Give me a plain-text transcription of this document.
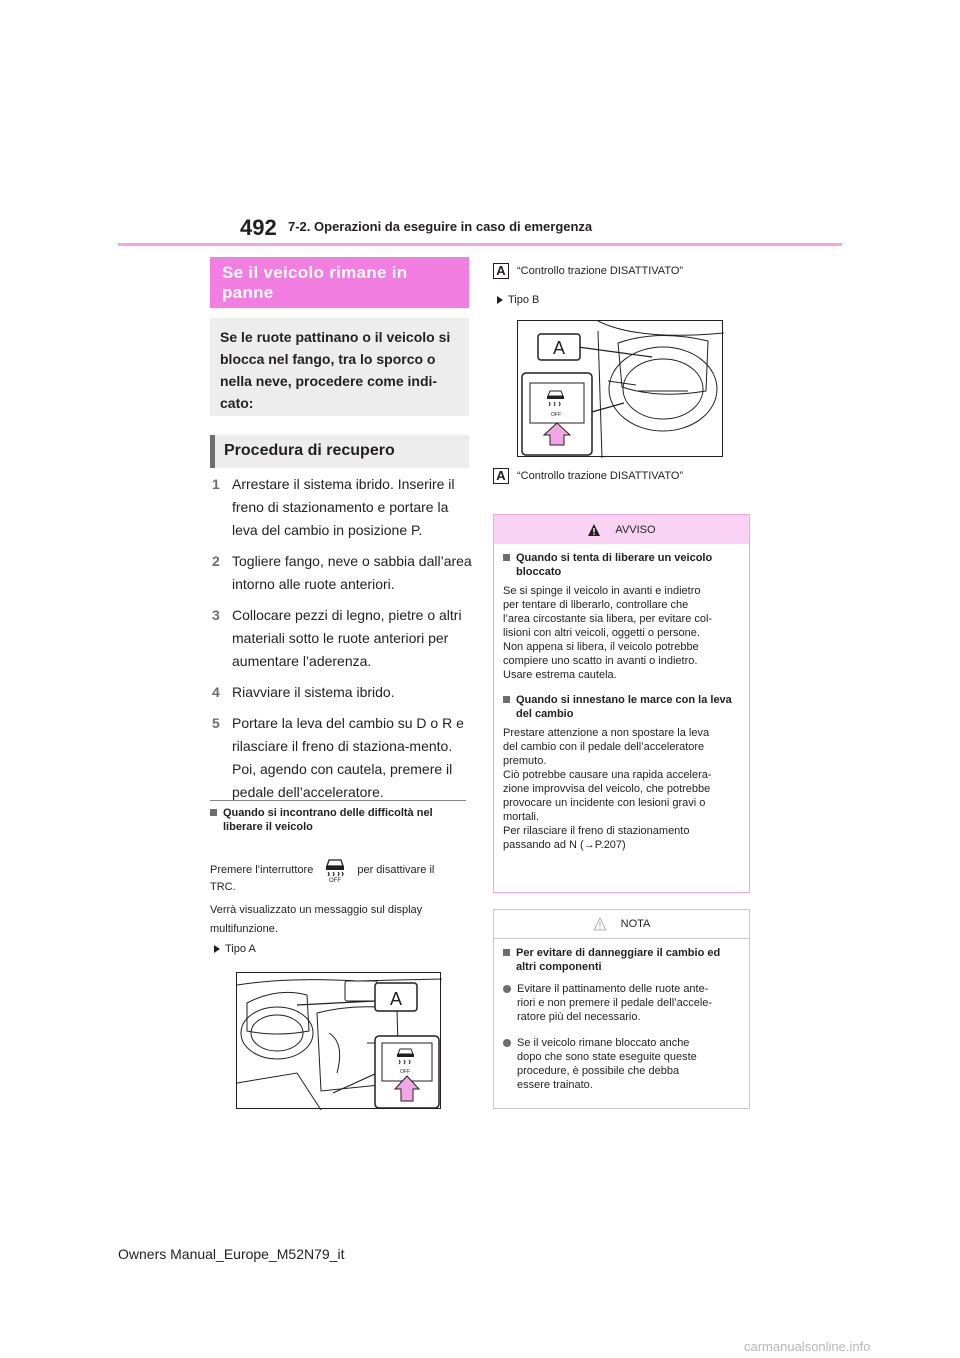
492 7-2. Operazioni da eseguire in caso di emergenza
Se il veicolo rimane in panne
Se le ruote pattinano o il veicolo si blocca nel fango, tra lo sporco o nella neve, procedere come indi-cato:
Procedura di recupero
1 Arrestare il sistema ibrido. Inserire il freno di stazionamento e portare la leva del cambio in posizione P.
2 Togliere fango, neve o sabbia dall’area intorno alle ruote anteriori.
3 Collocare pezzi di legno, pietre o altri materiali sotto le ruote anteriori per aumentare l’aderenza.
4 Riavviare il sistema ibrido.
5 Portare la leva del cambio su D o R e rilasciare il freno di staziona-mento. Poi, agendo con cautela, premere il pedale dell’acceleratore.
Quando si incontrano delle difficoltà nel liberare il veicolo
Premere l’interruttore
OFF
per disattivare il
TRC.
Verrà visualizzato un messaggio sul display multifunzione.
Tipo A
A
OFF
A	“Controllo trazione DISATTIVATO”
Tipo B
A
OFF
A	“Controllo trazione DISATTIVATO”
AVVISO
Quando si tenta di liberare un veicolo bloccato
Se si spinge il veicolo in avanti e indietro
per tentare di liberarlo, controllare che
l’area circostante sia libera, per evitare col-
lisioni con altri veicoli, oggetti o persone.
Non appena si libera, il veicolo potrebbe
compiere uno scatto in avanti o indietro.
Usare estrema cautela.
Quando si innestano le marce con la leva del cambio
Prestare attenzione a non spostare la leva
del cambio con il pedale dell’acceleratore
premuto.
Ciò potrebbe causare una rapida accelera-
zione improvvisa del veicolo, che potrebbe
provocare un incidente con lesioni gravi o
mortali.
Per rilasciare il freno di stazionamento
passando ad N (→P.207)
NOTA
Per evitare di danneggiare il cambio ed altri componenti
Evitare il pattinamento delle ruote ante-
riori e non premere il pedale dell’accele-
ratore più del necessario.
Se il veicolo rimane bloccato anche
dopo che sono state eseguite queste
procedure, è possibile che debba
essere trainato.
Owners Manual_Europe_M52N79_it
carmanualsonline.info
